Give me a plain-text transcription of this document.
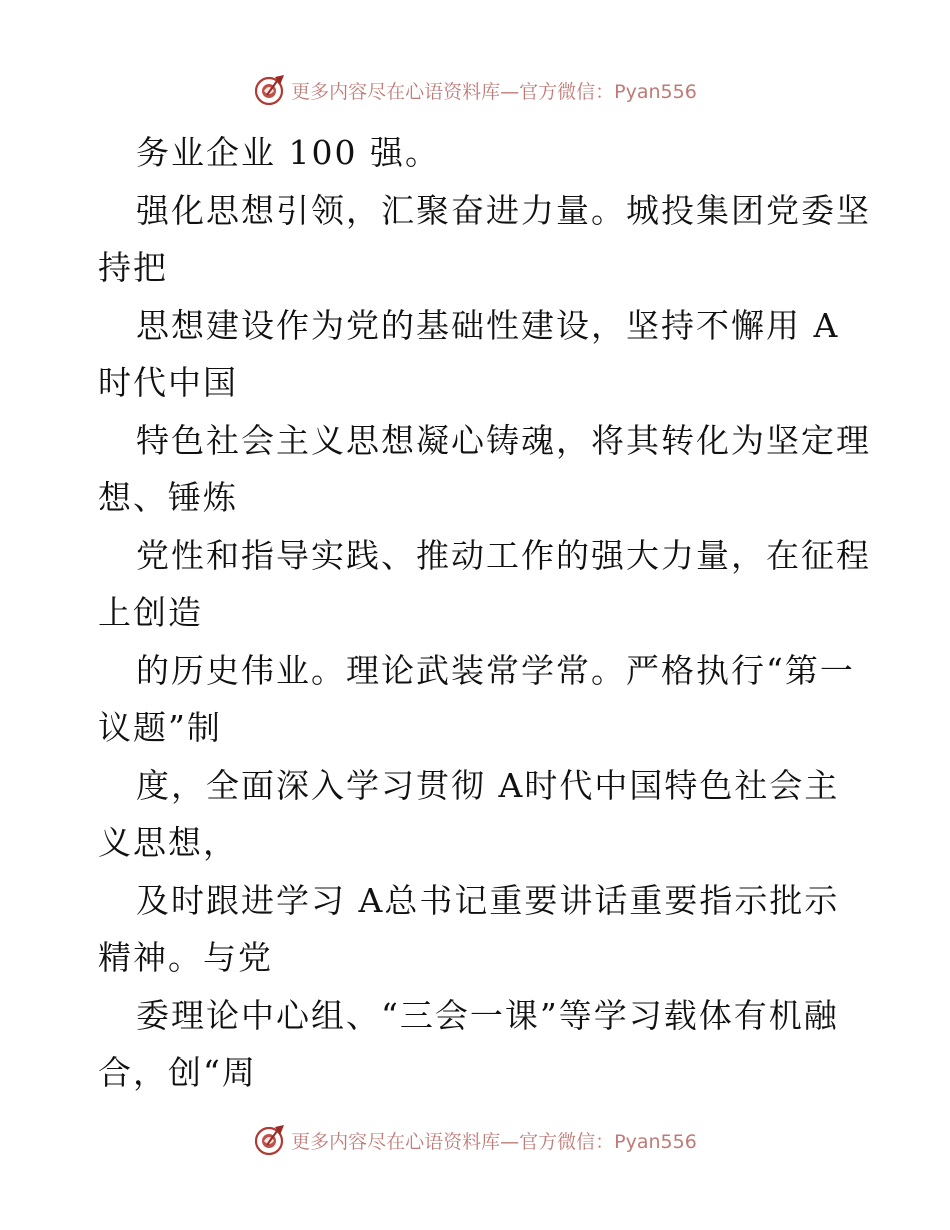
更多内容尽在心语资料库—官方微信：Pyan556
务业企业 100 强。
强化思想引领，汇聚奋进力量。城投集团党委坚
持把
思想建设作为党的基础性建设，坚持不懈用 A
时代中国
特色社会主义思想凝心铸魂，将其转化为坚定理
想、锤炼
党性和指导实践、推动工作的强大力量，在征程
上创造
的历史伟业。理论武装常学常。严格执行“第一
议题”制
度，全面深入学习贯彻 A时代中国特色社会主
义思想，
及时跟进学习 A总书记重要讲话重要指示批示
精神。与党
委理论中心组、“三会一课”等学习载体有机融
合，创“周
更多内容尽在心语资料库—官方微信：Pyan556
